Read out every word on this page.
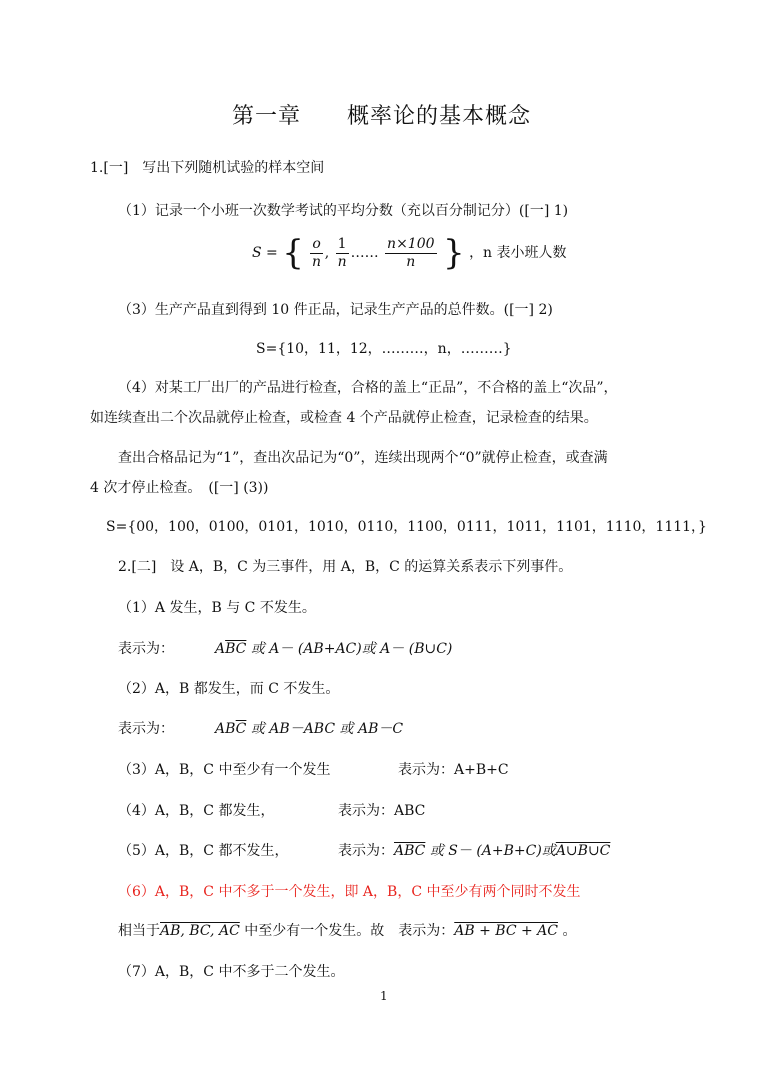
第一章　　概率论的基本概念
1.[一]　写出下列随机试验的样本空间
（1）记录一个小班一次数学考试的平均分数（充以百分制记分）([一] 1)
S = { $\frac{o}{n}$ , $\frac{1}{n}$ …… $\frac{n\times 100}{n}$ } ，n 表小班人数
（3）生产产品直到得到 10 件正品，记录生产产品的总件数。([一] 2)
S={10，11，12，………，n，………}
（4）对某工厂出厂的产品进行检查，合格的盖上“正品”，不合格的盖上“次品”，
如连续查出二个次品就停止检查，或检查 4 个产品就停止检查，记录检查的结果。
查出合格品记为“1”，查出次品记为“0”，连续出现两个“0”就停止检查，或查满
4 次才停止检查。　([一] (3))
S={00，100，0100，0101，1010，0110，1100，0111，1011，1101，1110，1111，}
2.[二]　设 A，B，C 为三事件，用 A，B，C 的运算关系表示下列事件。
（1）A 发生，B 与 C 不发生。
表示为：	$A\overline{BC}$ 或 A－ (AB+AC)或 A－ (B∪C)
（2）A，B 都发生，而 C 不发生。
表示为：	$AB\overline{C}$ 或 AB－ABC 或 AB－C
（3）A，B，C 中至少有一个发生	表示为：A+B+C
（4）A，B，C 都发生，	表示为：ABC
（5）A，B，C 都不发生，	表示为：$\overline{ABC}$ 或 S－ (A+B+C)或A∪B∪C
（6）A，B，C 中不多于一个发生，即 A，B，C 中至少有两个同时不发生
相当于AB, BC, AC 中至少有一个发生。故　表示为：AB + BC + AC 。
（7）A，B，C 中不多于二个发生。
1
